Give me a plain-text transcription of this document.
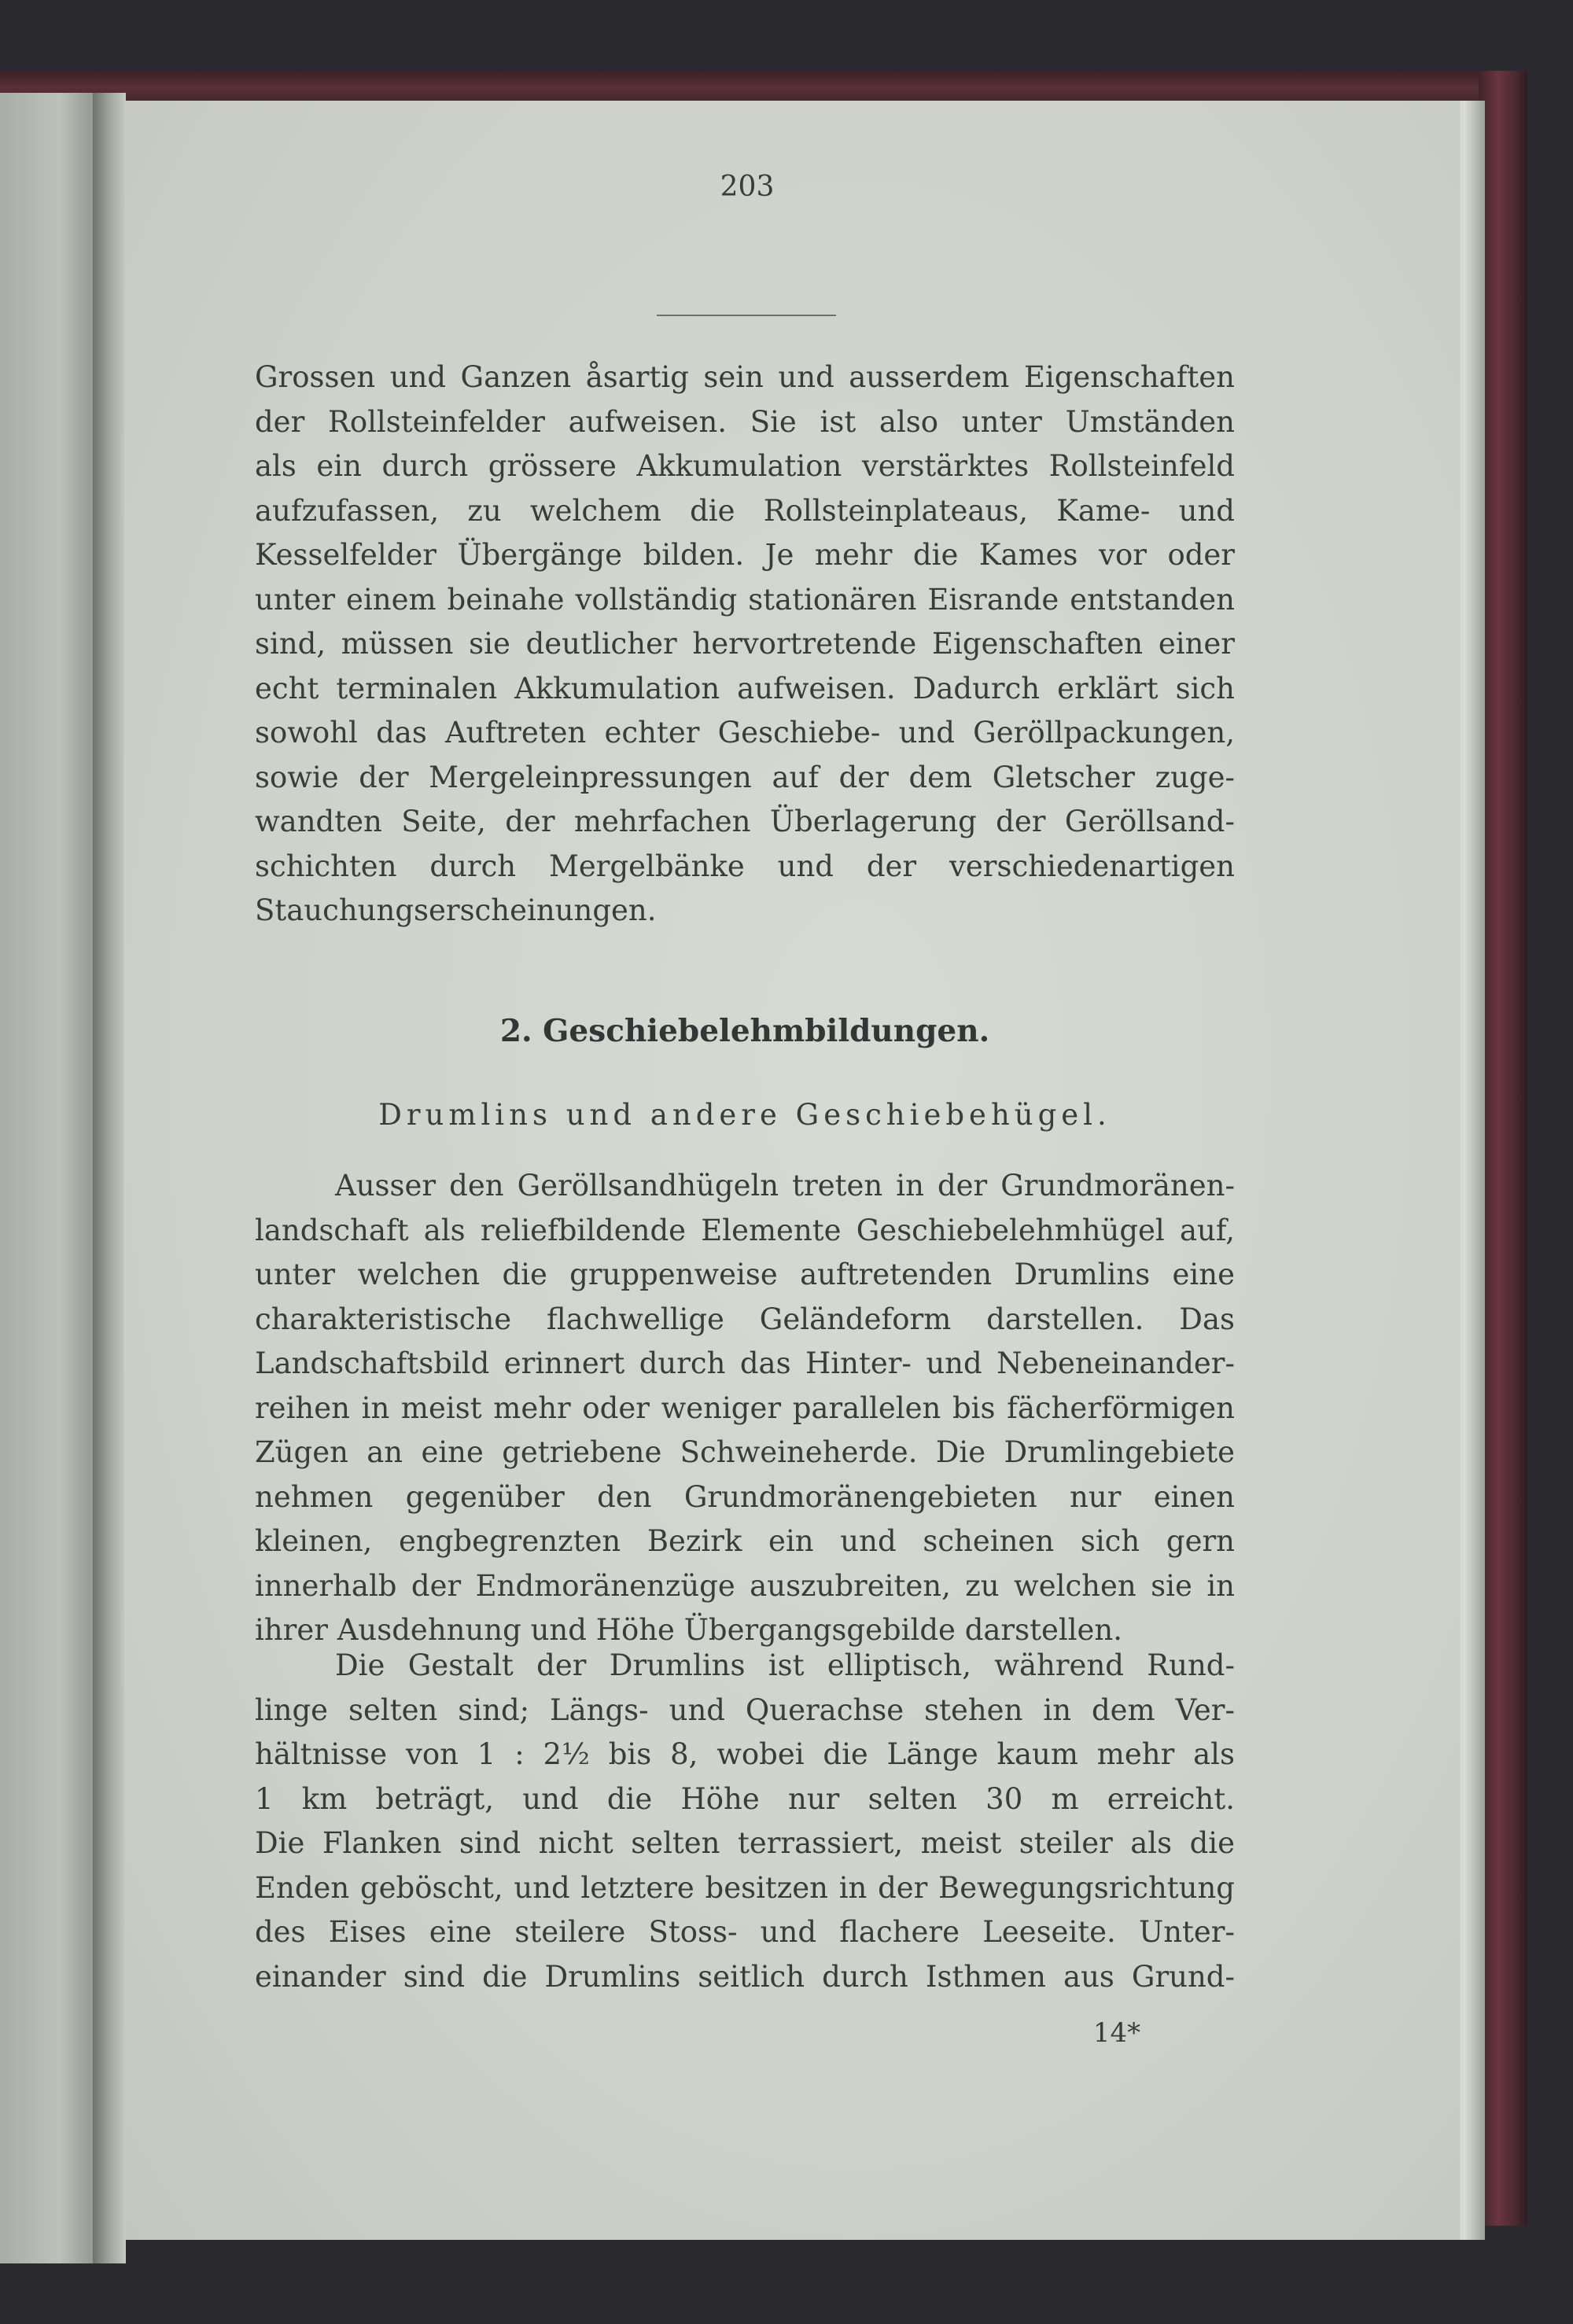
203
Grossen und Ganzen åsartig sein und ausserdem Eigenschaften
der Rollsteinfelder aufweisen. Sie ist also unter Umständen
als ein durch grössere Akkumulation verstärktes Rollsteinfeld
aufzufassen, zu welchem die Rollsteinplateaus, Kame- und
Kesselfelder Übergänge bilden. Je mehr die Kames vor oder
unter einem beinahe vollständig stationären Eisrande entstanden
sind, müssen sie deutlicher hervortretende Eigenschaften einer
echt terminalen Akkumulation aufweisen. Dadurch erklärt sich
sowohl das Auftreten echter Geschiebe- und Geröllpackungen,
sowie der Mergeleinpressungen auf der dem Gletscher zuge-
wandten Seite, der mehrfachen Überlagerung der Geröllsand-
schichten durch Mergelbänke und der verschiedenartigen
Stauchungserscheinungen.
2. Geschiebelehmbildungen.
Drumlins und andere Geschiebehügel.
Ausser den Geröllsandhügeln treten in der Grundmoränen-
landschaft als reliefbildende Elemente Geschiebelehmhügel auf,
unter welchen die gruppenweise auftretenden Drumlins eine
charakteristische flachwellige Geländeform darstellen. Das
Landschaftsbild erinnert durch das Hinter- und Nebeneinander-
reihen in meist mehr oder weniger parallelen bis fächerförmigen
Zügen an eine getriebene Schweineherde. Die Drumlingebiete
nehmen gegenüber den Grundmoränengebieten nur einen
kleinen, engbegrenzten Bezirk ein und scheinen sich gern
innerhalb der Endmoränenzüge auszubreiten, zu welchen sie in
ihrer Ausdehnung und Höhe Übergangsgebilde darstellen.
Die Gestalt der Drumlins ist elliptisch, während Rund-
linge selten sind; Längs- und Querachse stehen in dem Ver-
hältnisse von 1 : 2½ bis 8, wobei die Länge kaum mehr als
1 km beträgt, und die Höhe nur selten 30 m erreicht.
Die Flanken sind nicht selten terrassiert, meist steiler als die
Enden geböscht, und letztere besitzen in der Bewegungsrichtung
des Eises eine steilere Stoss- und flachere Leeseite. Unter-
einander sind die Drumlins seitlich durch Isthmen aus Grund-
14*
